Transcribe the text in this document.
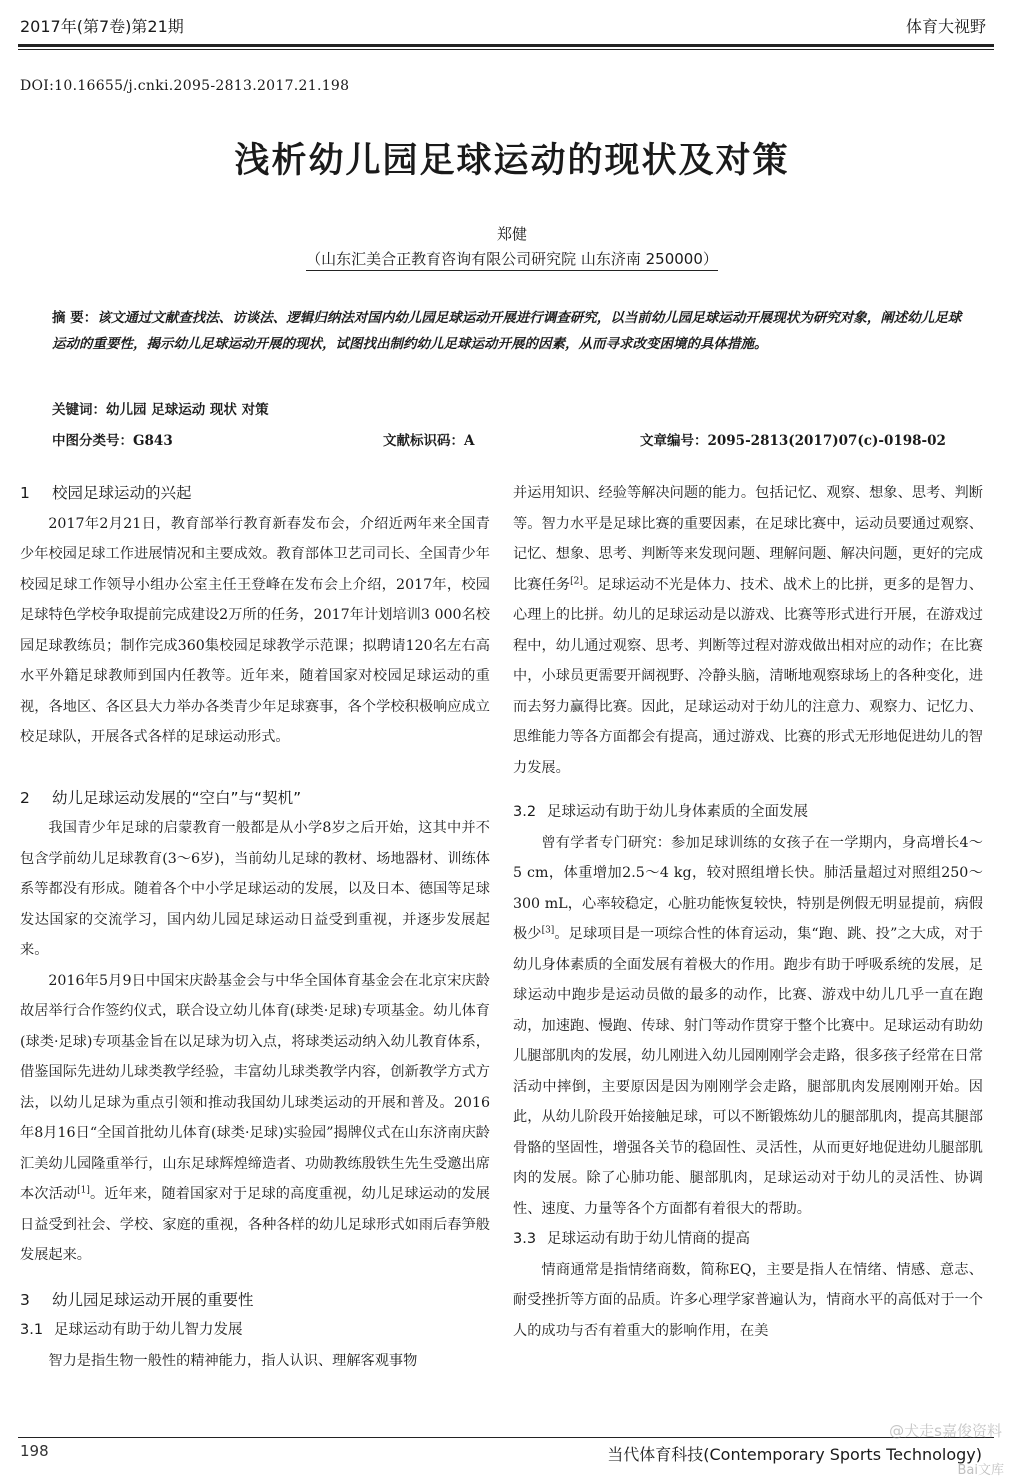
2017年(第7卷)第21期	体育大视野
DOI:10.16655/j.cnki.2095-2813.2017.21.198
浅析幼儿园足球运动的现状及对策
郑健
（山东汇美合正教育咨询有限公司研究院 山东济南 250000）
摘 要：该文通过文献查找法、访谈法、逻辑归纳法对国内幼儿园足球运动开展进行调查研究，以当前幼儿园足球运动开展现状为研究对象，阐述幼儿足球运动的重要性，揭示幼儿足球运动开展的现状，试图找出制约幼儿足球运动开展的因素，从而寻求改变困境的具体措施。
关键词：幼儿园 足球运动 现状 对策
中图分类号：G843	文献标识码：A	文章编号：2095-2813(2017)07(c)-0198-02

1 校园足球运动的兴起

2017年2月21日，教育部举行教育新春发布会，介绍近两年来全国青少年校园足球工作进展情况和主要成效。教育部体卫艺司司长、全国青少年校园足球工作领导小组办公室主任王登峰在发布会上介绍，2017年，校园足球特色学校争取提前完成建设2万所的任务，2017年计划培训3 000名校园足球教练员；制作完成360集校园足球教学示范课；拟聘请120名左右高水平外籍足球教师到国内任教等。近年来，随着国家对校园足球运动的重视，各地区、各区县大力举办各类青少年足球赛事，各个学校积极响应成立校足球队，开展各式各样的足球运动形式。

2 幼儿足球运动发展的“空白”与“契机”

我国青少年足球的启蒙教育一般都是从小学8岁之后开始，这其中并不包含学前幼儿足球教育(3～6岁)，当前幼儿足球的教材、场地器材、训练体系等都没有形成。随着各个中小学足球运动的发展，以及日本、德国等足球发达国家的交流学习，国内幼儿园足球运动日益受到重视，并逐步发展起来。

2016年5月9日中国宋庆龄基金会与中华全国体育基金会在北京宋庆龄故居举行合作签约仪式，联合设立幼儿体育(球类·足球)专项基金。幼儿体育(球类·足球)专项基金旨在以足球为切入点，将球类运动纳入幼儿教育体系，借鉴国际先进幼儿球类教学经验，丰富幼儿球类教学内容，创新教学方式方法，以幼儿足球为重点引领和推动我国幼儿球类运动的开展和普及。2016年8月16日“全国首批幼儿体育(球类·足球)实验园”揭牌仪式在山东济南庆龄汇美幼儿园隆重举行，山东足球辉煌缔造者、功勋教练殷铁生先生受邀出席本次活动[1]。近年来，随着国家对于足球的高度重视，幼儿足球运动的发展日益受到社会、学校、家庭的重视，各种各样的幼儿足球形式如雨后春笋般发展起来。

3 幼儿园足球运动开展的重要性

3.1 足球运动有助于幼儿智力发展

智力是指生物一般性的精神能力，指人认识、理解客观事物

并运用知识、经验等解决问题的能力。包括记忆、观察、想象、思考、判断等。智力水平是足球比赛的重要因素，在足球比赛中，运动员要通过观察、记忆、想象、思考、判断等来发现问题、理解问题、解决问题，更好的完成比赛任务[2]。足球运动不光是体力、技术、战术上的比拼，更多的是智力、心理上的比拼。幼儿的足球运动是以游戏、比赛等形式进行开展，在游戏过程中，幼儿通过观察、思考、判断等过程对游戏做出相对应的动作；在比赛中，小球员更需要开阔视野、冷静头脑，清晰地观察球场上的各种变化，进而去努力赢得比赛。因此，足球运动对于幼儿的注意力、观察力、记忆力、思维能力等各方面都会有提高，通过游戏、比赛的形式无形地促进幼儿的智力发展。

3.2 足球运动有助于幼儿身体素质的全面发展

曾有学者专门研究：参加足球训练的女孩子在一学期内，身高增长4～5 cm，体重增加2.5～4 kg，较对照组增长快。肺活量超过对照组250～300 mL，心率较稳定，心脏功能恢复较快，特别是例假无明显提前，病假极少[3]。足球项目是一项综合性的体育运动，集“跑、跳、投”之大成，对于幼儿身体素质的全面发展有着极大的作用。跑步有助于呼吸系统的发展，足球运动中跑步是运动员做的最多的动作，比赛、游戏中幼儿几乎一直在跑动，加速跑、慢跑、传球、射门等动作贯穿于整个比赛中。足球运动有助幼儿腿部肌肉的发展，幼儿刚进入幼儿园刚刚学会走路，很多孩子经常在日常活动中摔倒，主要原因是因为刚刚学会走路，腿部肌肉发展刚刚开始。因此，从幼儿阶段开始接触足球，可以不断锻炼幼儿的腿部肌肉，提高其腿部骨骼的坚固性，增强各关节的稳固性、灵活性，从而更好地促进幼儿腿部肌肉的发展。除了心肺功能、腿部肌肉，足球运动对于幼儿的灵活性、协调性、速度、力量等各个方面都有着很大的帮助。

3.3 足球运动有助于幼儿情商的提高

情商通常是指情绪商数，简称EQ，主要是指人在情绪、情感、意志、耐受挫折等方面的品质。许多心理学家普遍认为，情商水平的高低对于一个人的成功与否有着重大的影响作用，在美

198	当代体育科技(Contemporary Sports Technology)
@犬走s嘉俊资料
Bai文库
